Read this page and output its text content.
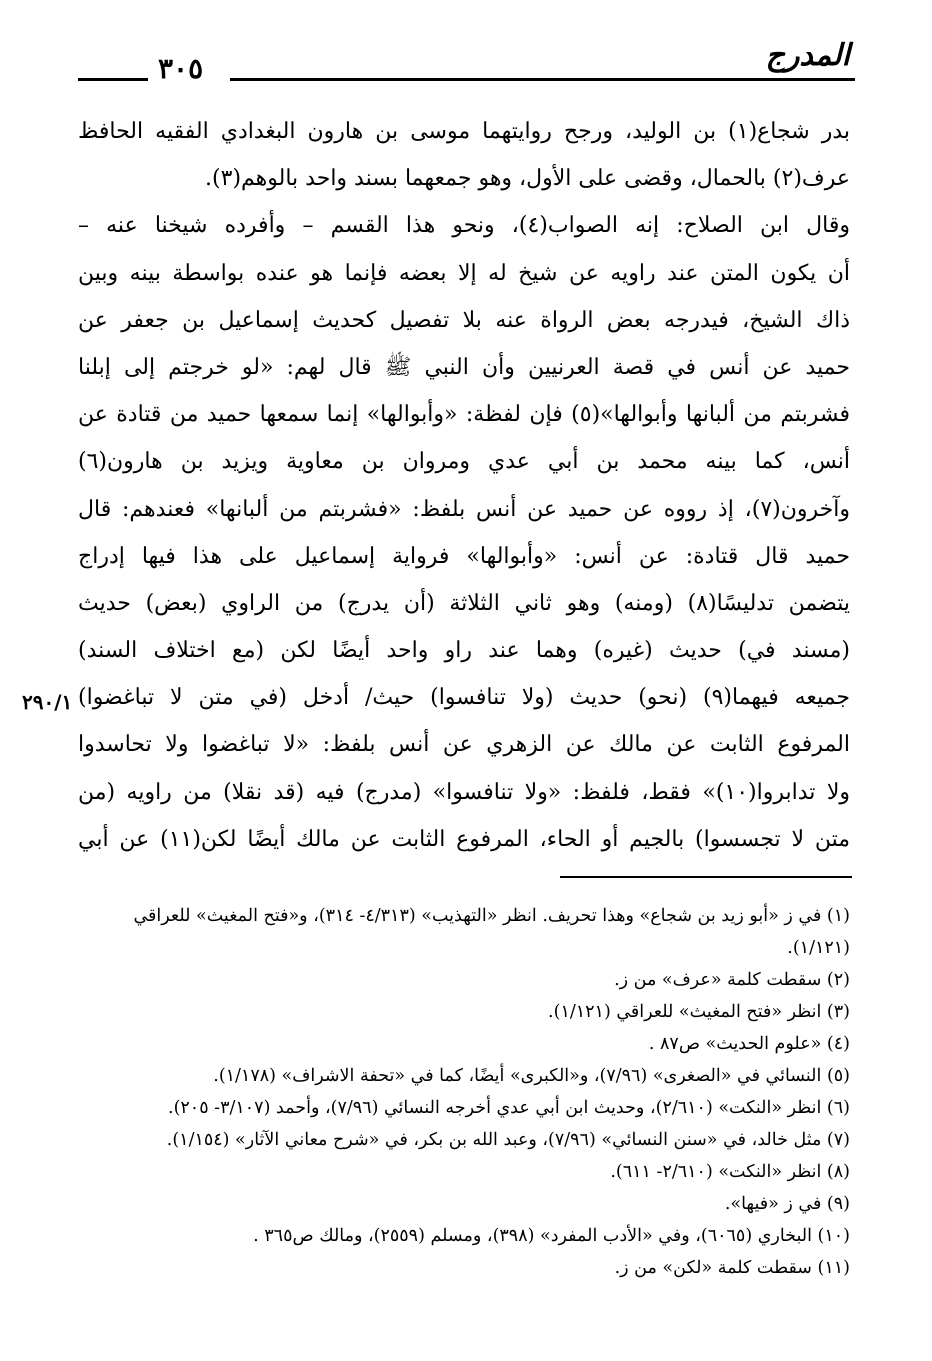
المدرج
٣٠٥
بدر شجاع(١) بن الوليد، ورجح روايتهما موسى بن هارون البغدادي الفقيه الحافظ
عرف(٢) بالحمال، وقضى على الأول، وهو جمعهما بسند واحد بالوهم(٣).
وقال ابن الصلاح: إنه الصواب(٤)، ونحو هذا القسم – وأفرده شيخنا عنه –
أن يكون المتن عند راويه عن شيخ له إلا بعضه فإنما هو عنده بواسطة بينه وبين
ذاك الشيخ، فيدرجه بعض الرواة عنه بلا تفصيل كحديث إسماعيل بن جعفر عن
حميد عن أنس في قصة العرنيين وأن النبي ﷺ قال لهم: «لو خرجتم إلى إبلنا
فشربتم من ألبانها وأبوالها»(٥) فإن لفظة: «وأبوالها» إنما سمعها حميد من قتادة عن
أنس، كما بينه محمد بن أبي عدي ومروان بن معاوية ويزيد بن هارون(٦)
وآخرون(٧)، إذ رووه عن حميد عن أنس بلفظ: «فشربتم من ألبانها» فعندهم: قال
حميد قال قتادة: عن أنس: «وأبوالها» فرواية إسماعيل على هذا فيها إدراج
يتضمن تدليسًا(٨) (ومنه) وهو ثاني الثلاثة (أن يدرج) من الراوي (بعض) حديث
(مسند في) حديث (غيره) وهما عند راو واحد أيضًا لكن (مع اختلاف السند)
جميعه فيهما(٩) (نحو) حديث (ولا تنافسوا) حيث/ أدخل (في متن لا تباغضوا)
المرفوع الثابت عن مالك عن الزهري عن أنس بلفظ: «لا تباغضوا ولا تحاسدوا
ولا تدابروا(١٠)» فقط، فلفظ: «ولا تنافسوا» (مدرج) فيه (قد نقلا) من راويه (من
متن لا تجسسوا) بالجيم أو الحاء، المرفوع الثابت عن مالك أيضًا لكن(١١) عن أبي
٢٩٠/١
(١) في ز «أبو زيد بن شجاع» وهذا تحريف. انظر «التهذيب» (٤/٣١٣- ٣١٤)، و«فتح المغيث» للعراقي (١/١٢١).
(٢) سقطت كلمة «عرف» من ز.
(٣) انظر «فتح المغيث» للعراقي (١/١٢١).
(٤) «علوم الحديث» ص٨٧ .
(٥) النسائي في «الصغرى» (٧/٩٦)، و«الكبرى» أيضًا، كما في «تحفة الاشراف» (١/١٧٨).
(٦) انظر «النكت» (٢/٦١٠)، وحديث ابن أبي عدي أخرجه النسائي (٧/٩٦)، وأحمد (٣/١٠٧- ٢٠٥).
(٧) مثل خالد، في «سنن النسائي» (٧/٩٦)، وعبد الله بن بكر، في «شرح معاني الآثار» (١/١٥٤).
(٨) انظر «النكت» (٢/٦١٠- ٦١١).
(٩) في ز «فيها».
(١٠) البخاري (٦٠٦٥)، وفي «الأدب المفرد» (٣٩٨)، ومسلم (٢٥٥٩)، ومالك ص٣٦٥ .
(١١) سقطت كلمة «لكن» من ز.
